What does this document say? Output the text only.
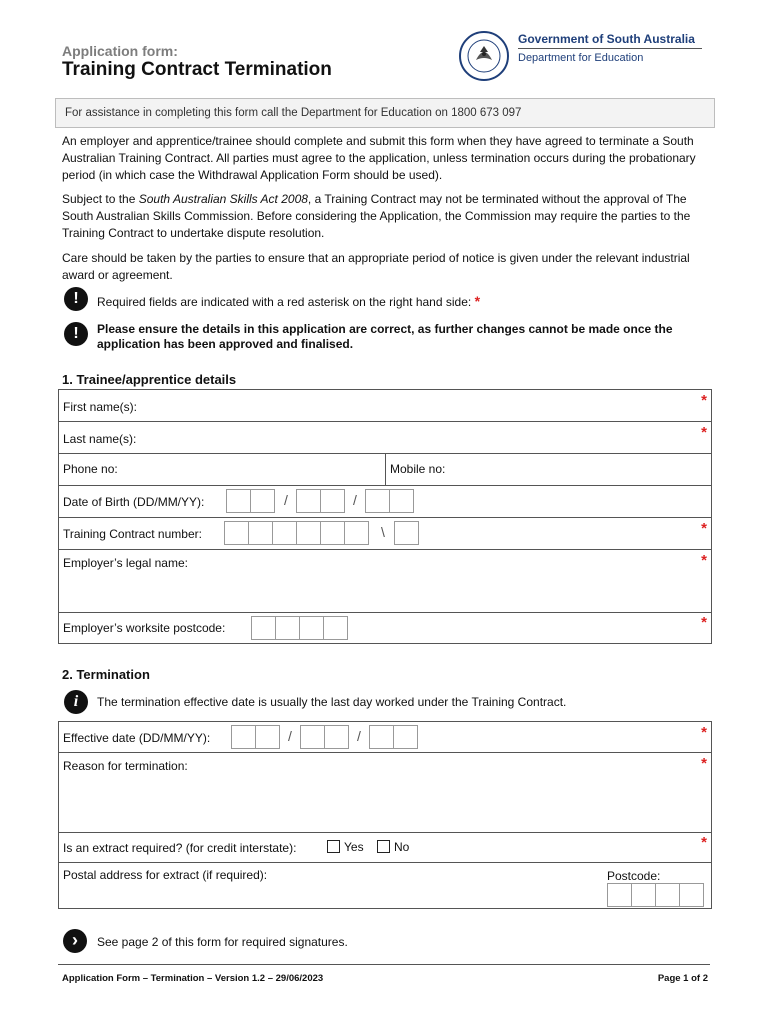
Application form:
Training Contract Termination
Government of South Australia
Department for Education
For assistance in completing this form call the Department for Education on 1800 673 097
An employer and apprentice/trainee should complete and submit this form when they have agreed to terminate a South Australian Training Contract. All parties must agree to the application, unless termination occurs during the probationary period (in which case the Withdrawal Application Form should be used).
Subject to the South Australian Skills Act 2008, a Training Contract may not be terminated without the approval of The South Australian Skills Commission. Before considering the Application, the Commission may require the parties to the Training Contract to undertake dispute resolution.
Care should be taken by the parties to ensure that an appropriate period of notice is given under the relevant industrial award or agreement.
!	Required fields are indicated with a red asterisk on the right hand side: *
!	Please ensure the details in this application are correct, as further changes cannot be made once the application has been approved and finalised.
1. Trainee/apprentice details
First name(s):	*
Last name(s):	*
Phone no:	Mobile no:
Date of Birth (DD/MM/YY):	/	/
Training Contract number:	\	*
Employer’s legal name:	*
Employer’s worksite postcode:	*
2. Termination
i	The termination effective date is usually the last day worked under the Training Contract.
Effective date (DD/MM/YY):	/	/	*
Reason for termination:	*
Is an extract required? (for credit interstate):	Yes	No	*
Postal address for extract (if required):	Postcode:
›	See page 2 of this form for required signatures.
Application Form – Termination – Version 1.2 – 29/06/2023	Page 1 of 2
